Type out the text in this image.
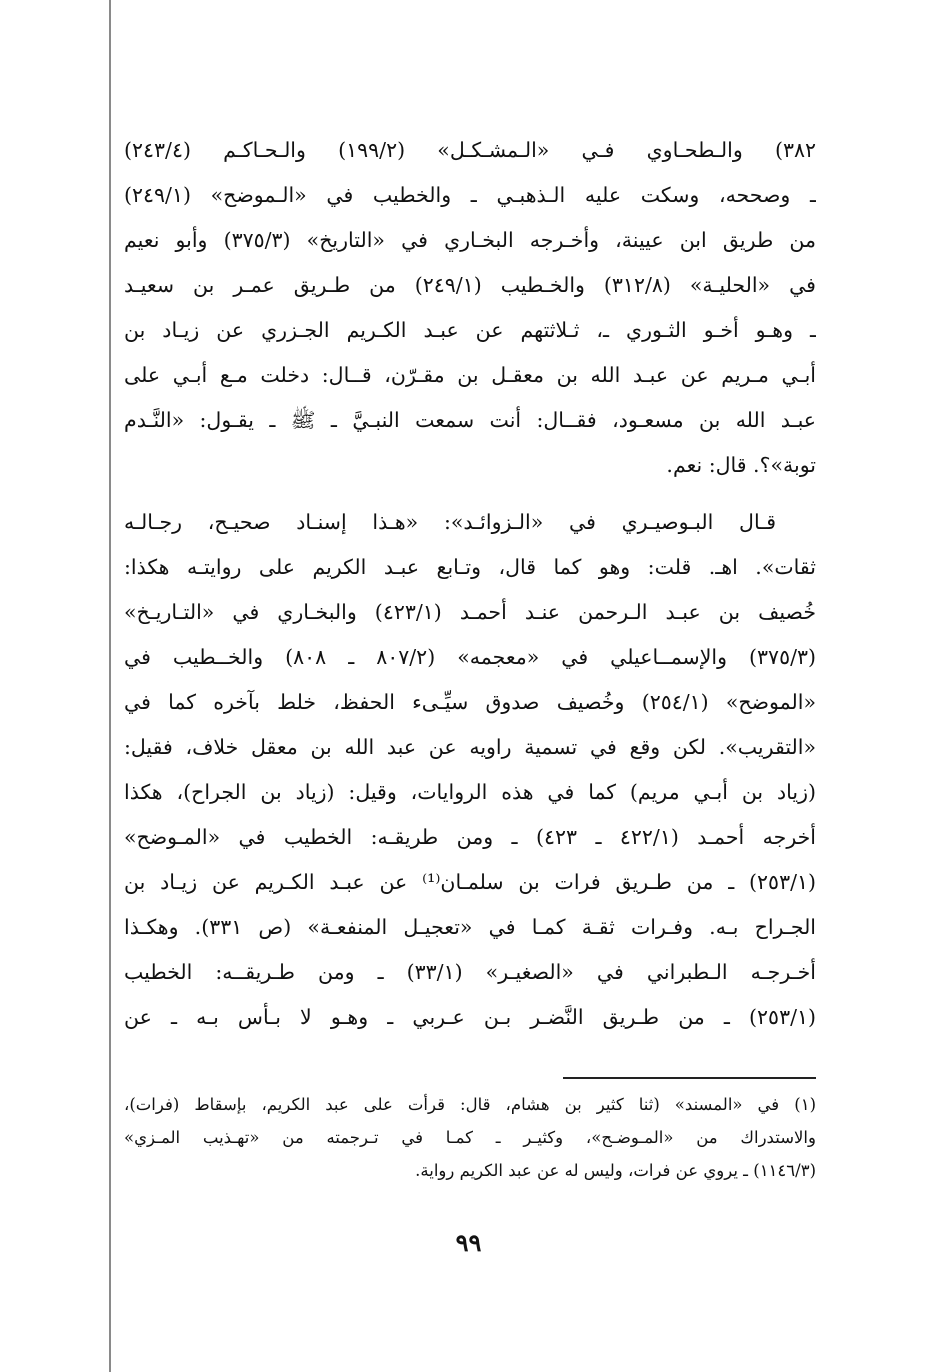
٣٨٢) والـطحـاوي فـي «الـمشـكـل» (١٩٩/٢) والـحـاكـم (٢٤٣/٤)
ـ وصححه، وسكت عليه الـذهبـي ـ والخطيب في «الـموضح» (٢٤٩/١)
من طريق ابن عيينة، وأخـرجه البخـاري في «التاريخ» (٣٧٥/٣) وأبو نعيم
في «الحليـة» (٣١٢/٨) والخـطيب (٢٤٩/١) من طـريق عمـر بن سعيـد
ـ وهـو أخـو الثـوري ـ، ثـلاثتهم عن عبـد الكـريم الجـزري عن زيـاد بن
أبـي مـريم عن عبـد الله بن معقـل بن مقـرّن، قــال: دخلت مـع أبـي على
عبـد الله بن مسعـود، فقــال: أنت سمعت النبـيَّ ـ ﷺ ـ يقـول: «النَّـدم
توبة»؟. قال: نعم.
قـال البـوصيـري في «الـزوائـد»: «هـذا إسنـاد صحيـح، رجـالـه
ثقات». اهـ. قلت: وهو كما قال، وتـابع عبـد الكريم على روايتـه هكذا:
خُصيف بن عبـد الـرحمن عنـد أحمـد (٤٢٣/١) والبخـاري في «التـاريـخ»
(٣٧٥/٣) والإسمــاعيلي في «معجمه» (٨٠٧/٢ ـ ٨٠٨) والخــطيب في
«الموضح» (٢٥٤/١) وخُصيف صدوق سيِّـىء الحفظ، خلط بآخره كما في
«التقريب». لكن وقع في تسمية راويه عن عبد الله بن معقل خلاف، فقيل:
(زياد بن أبـي مريم) كما في هذه الروايات، وقيل: (زياد بن الجراح)، هكذا
أخرجه أحمـد (٤٢٢/١ ـ ٤٢٣) ـ ومن طريقـه: الخطيب في «المـوضح»
(٢٥٣/١) ـ من طـريق فرات بن سلمـان⁽¹⁾ عن عبـد الكـريم عن زيـاد بن
الجـراح بـه. وفـرات ثقـة كمـا في «تعجيـل المنفعـة» (ص ٣٣١). وهكـذا
أخـرجـه الـطبراني في «الصغيـر» (٣٣/١) ـ ومن طـريقــه: الخطيب
(٢٥٣/١) ـ من طـريق النَّضـر بـن عـربي ـ وهـو لا بـأس بـه ـ عن
(١) في «المسند» (ثنا كثير بن هشام، قال: قرأت على عبد الكريم، بإسقاط (فرات)،
والاستدراك من «المـوضـح»، وكثيـر ـ كمـا في تـرجمته من «تهـذيب المـزي»
(١١٤٦/٣) ـ يروي عن فرات، وليس له عن عبد الكريم رواية.
٩٩
